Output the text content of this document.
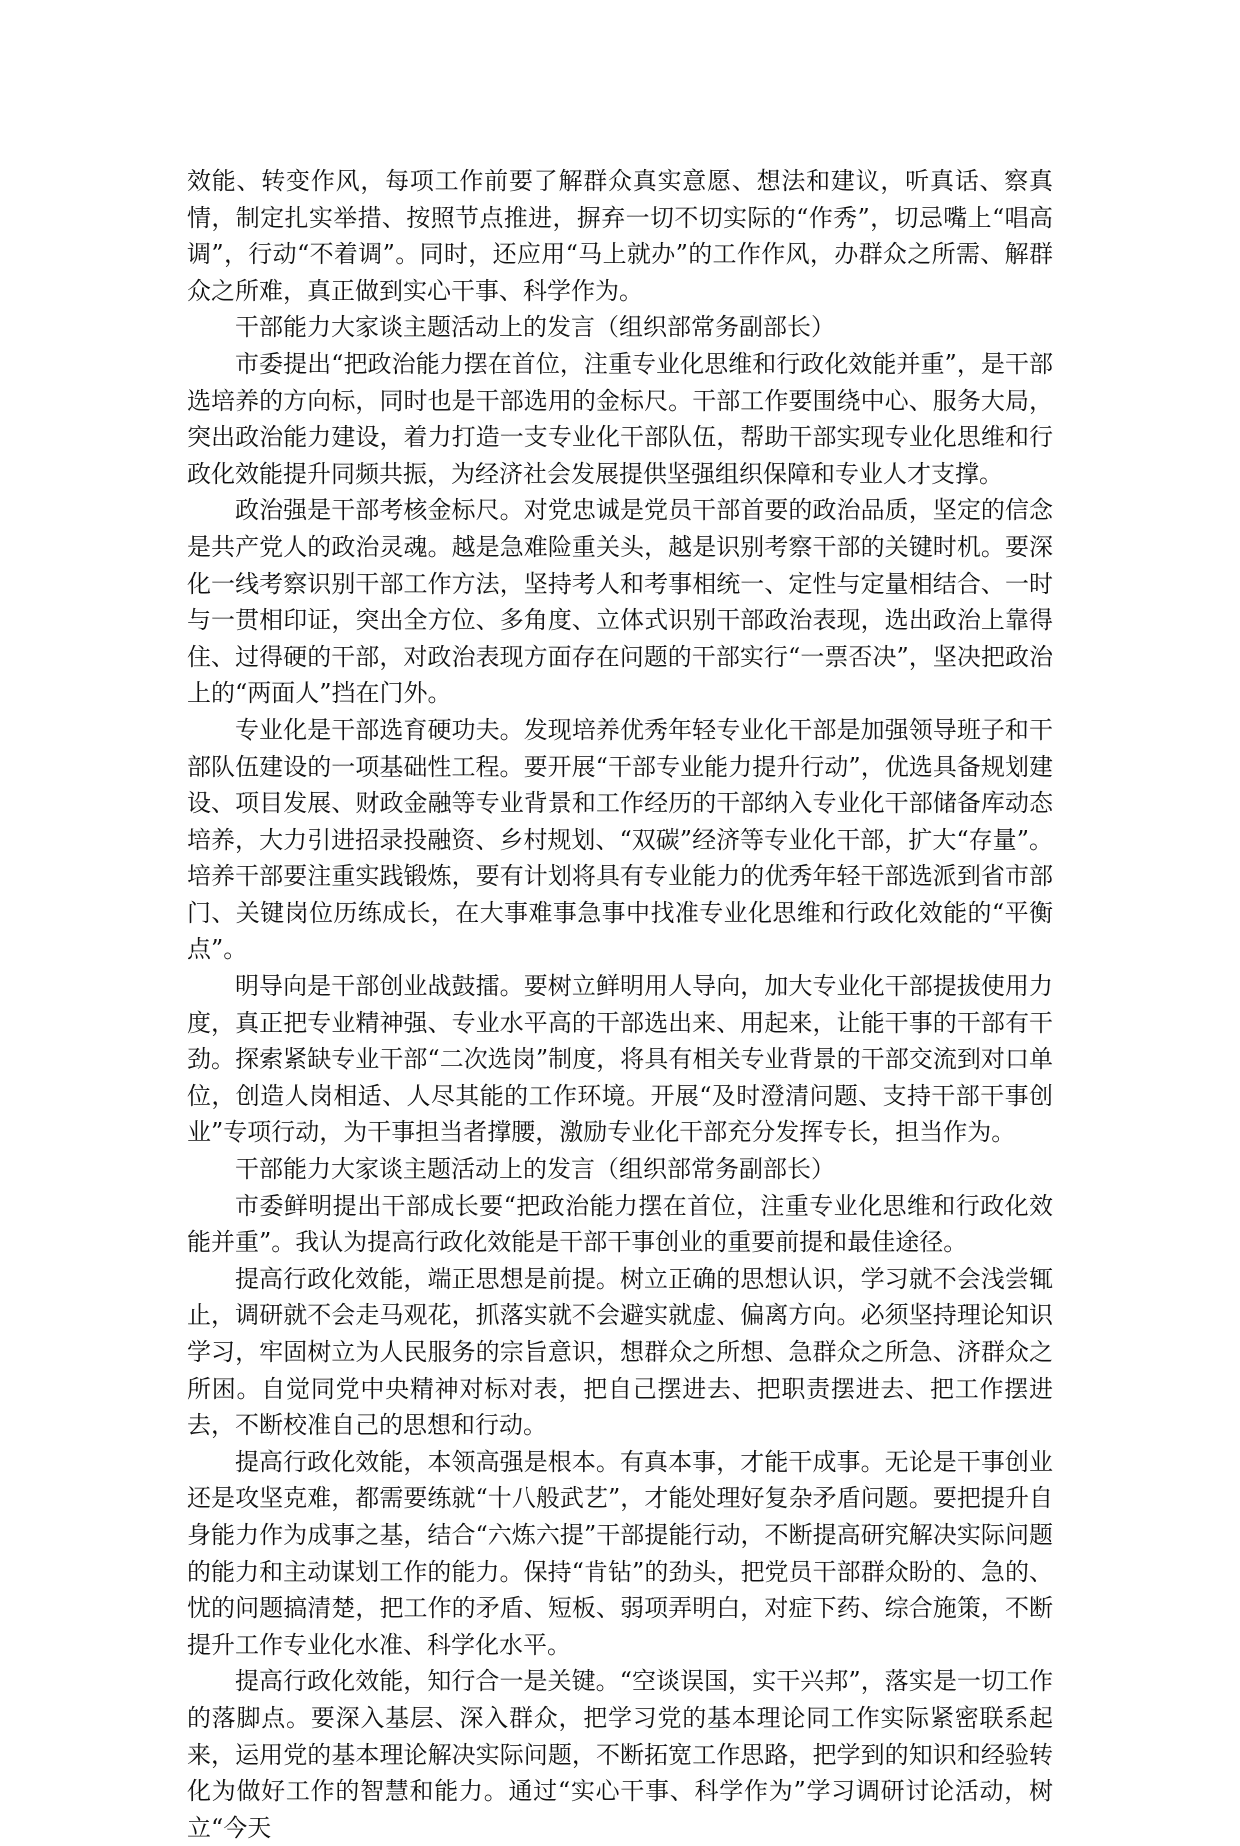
效能、转变作风，每项工作前要了解群众真实意愿、想法和建议，听真话、察真情，制定扎实举措、按照节点推进，摒弃一切不切实际的“作秀”，切忌嘴上“唱高调”，行动“不着调”。同时，还应用“马上就办”的工作作风，办群众之所需、解群众之所难，真正做到实心干事、科学作为。

干部能力大家谈主题活动上的发言（组织部常务副部长）

市委提出“把政治能力摆在首位，注重专业化思维和行政化效能并重”，是干部选培养的方向标，同时也是干部选用的金标尺。干部工作要围绕中心、服务大局，突出政治能力建设，着力打造一支专业化干部队伍，帮助干部实现专业化思维和行政化效能提升同频共振，为经济社会发展提供坚强组织保障和专业人才支撑。

政治强是干部考核金标尺。对党忠诚是党员干部首要的政治品质，坚定的信念是共产党人的政治灵魂。越是急难险重关头，越是识别考察干部的关键时机。要深化一线考察识别干部工作方法，坚持考人和考事相统一、定性与定量相结合、一时与一贯相印证，突出全方位、多角度、立体式识别干部政治表现，选出政治上靠得住、过得硬的干部，对政治表现方面存在问题的干部实行“一票否决”，坚决把政治上的“两面人”挡在门外。

专业化是干部选育硬功夫。发现培养优秀年轻专业化干部是加强领导班子和干部队伍建设的一项基础性工程。要开展“干部专业能力提升行动”，优选具备规划建设、项目发展、财政金融等专业背景和工作经历的干部纳入专业化干部储备库动态培养，大力引进招录投融资、乡村规划、“双碳”经济等专业化干部，扩大“存量”。培养干部要注重实践锻炼，要有计划将具有专业能力的优秀年轻干部选派到省市部门、关键岗位历练成长，在大事难事急事中找准专业化思维和行政化效能的“平衡点”。

明导向是干部创业战鼓擂。要树立鲜明用人导向，加大专业化干部提拔使用力度，真正把专业精神强、专业水平高的干部选出来、用起来，让能干事的干部有干劲。探索紧缺专业干部“二次选岗”制度，将具有相关专业背景的干部交流到对口单位，创造人岗相适、人尽其能的工作环境。开展“及时澄清问题、支持干部干事创业”专项行动，为干事担当者撑腰，激励专业化干部充分发挥专长，担当作为。

干部能力大家谈主题活动上的发言（组织部常务副部长）

市委鲜明提出干部成长要“把政治能力摆在首位，注重专业化思维和行政化效能并重”。我认为提高行政化效能是干部干事创业的重要前提和最佳途径。

提高行政化效能，端正思想是前提。树立正确的思想认识，学习就不会浅尝辄止，调研就不会走马观花，抓落实就不会避实就虚、偏离方向。必须坚持理论知识学习，牢固树立为人民服务的宗旨意识，想群众之所想、急群众之所急、济群众之所困。自觉同党中央精神对标对表，把自己摆进去、把职责摆进去、把工作摆进去，不断校准自己的思想和行动。

提高行政化效能，本领高强是根本。有真本事，才能干成事。无论是干事创业还是攻坚克难，都需要练就“十八般武艺”，才能处理好复杂矛盾问题。要把提升自身能力作为成事之基，结合“六炼六提”干部提能行动，不断提高研究解决实际问题的能力和主动谋划工作的能力。保持“肯钻”的劲头，把党员干部群众盼的、急的、忧的问题搞清楚，把工作的矛盾、短板、弱项弄明白，对症下药、综合施策，不断提升工作专业化水准、科学化水平。

提高行政化效能，知行合一是关键。“空谈误国，实干兴邦”，落实是一切工作的落脚点。要深入基层、深入群众，把学习党的基本理论同工作实际紧密联系起来，运用党的基本理论解决实际问题，不断拓宽工作思路，把学到的知识和经验转化为做好工作的智慧和能力。通过“实心干事、科学作为”学习调研讨论活动，树立“今天
